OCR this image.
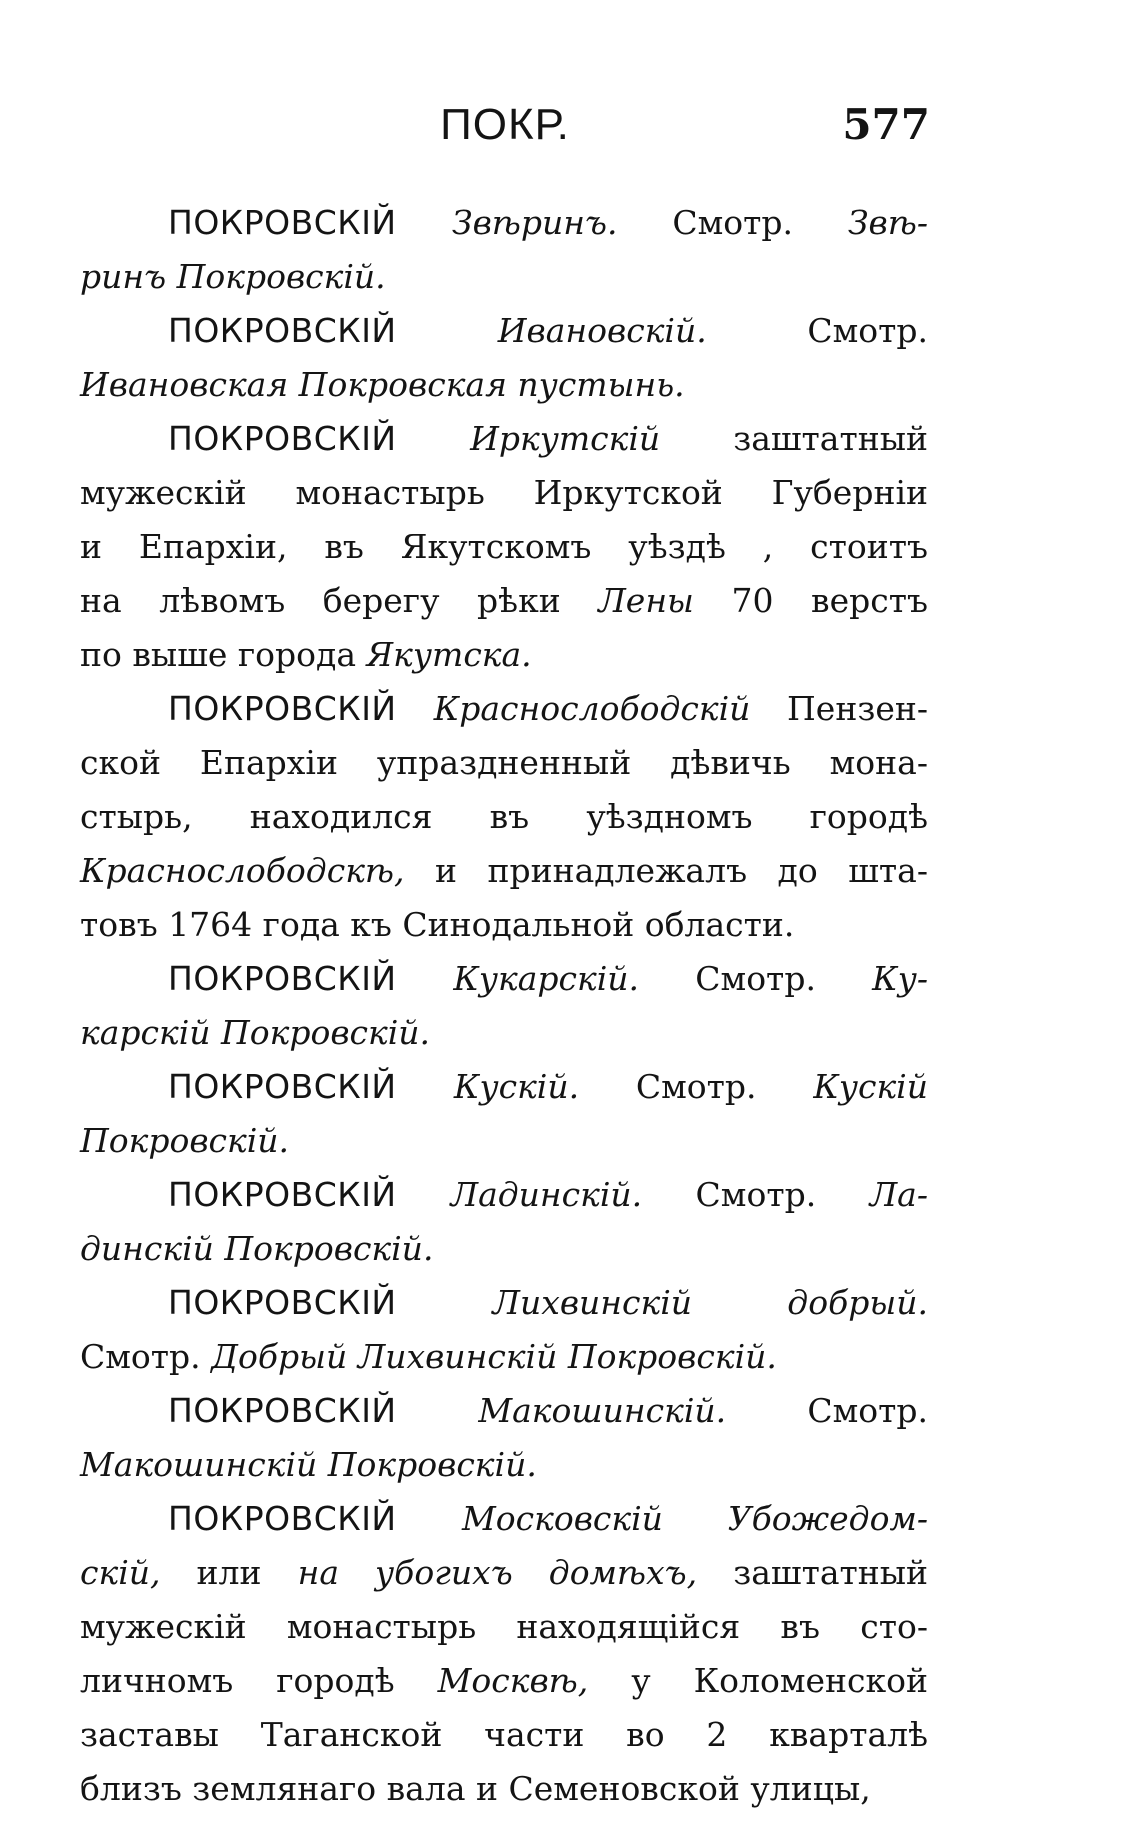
ПОКР.	577
ПОКРОВСКІЙ Звѣринъ. Смотр. Звѣ-
ринъ Покровскій.
ПОКРОВСКІЙ Ивановскій. Смотр.
Ивановская Покровская пустынь.
ПОКРОВСКІЙ Иркутскій заштатный
мужескій монастырь Иркутской Губерніи
и Епархіи, въ Якутскомъ уѣздѣ , стоитъ
на лѣвомъ берегу рѣки Лены 70 верстъ
по выше города Якутска.
ПОКРОВСКІЙ Краснослободскій Пензен-
ской Епархіи упраздненный дѣвичь мона-
стырь, находился въ уѣздномъ городѣ
Краснослободскѣ, и принадлежалъ до шта-
товъ 1764 года къ Синодальной области.
ПОКРОВСКІЙ Кукарскій. Смотр. Ку-
карскій Покровскій.
ПОКРОВСКІЙ Кускій. Смотр. Кускій
Покровскій.
ПОКРОВСКІЙ Ладинскій. Смотр. Ла-
динскій Покровскій.
ПОКРОВСКІЙ Лихвинскій добрый.
Смотр. Добрый Лихвинскій Покровскій.
ПОКРОВСКІЙ Макошинскій. Смотр.
Макошинскій Покровскій.
ПОКРОВСКІЙ Московскій Убожедом-
скій, или на убогихъ домѣхъ, заштатный
мужескій монастырь находящійся въ сто-
личномъ городѣ Москвѣ, у Коломенской
заставы Таганской части во 2 кварталѣ
близъ землянаго вала и Семеновской улицы,
